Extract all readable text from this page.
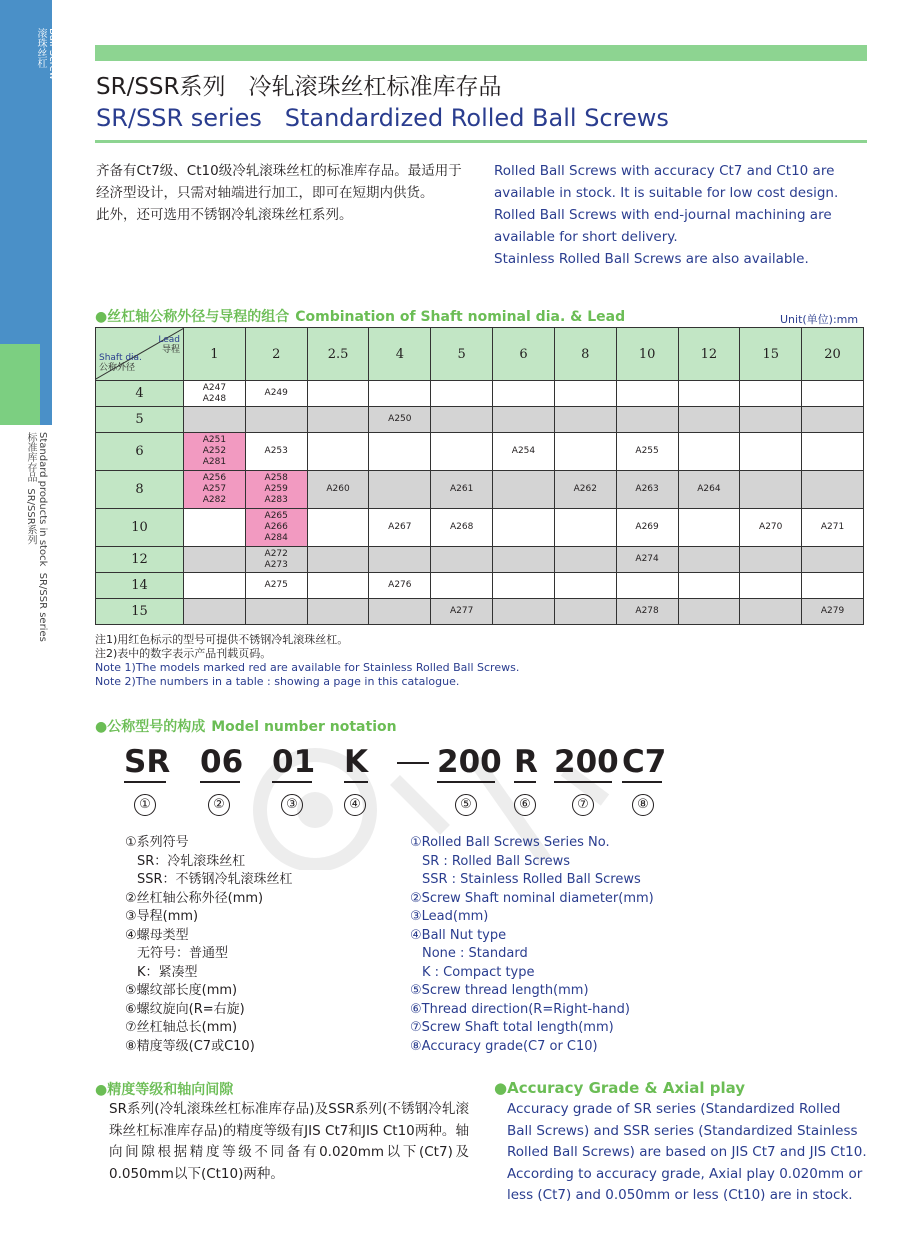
Ball Screw
滚珠丝杠
Standard products in stock  SR/SSR series
标准库存品  SR/SSR系列
SR/SSR系列　冷轧滚珠丝杠标准库存品
SR/SSR series   Standardized Rolled Ball Screws

齐备有Ct7级、Ct10级冷轧滚珠丝杠的标准库存品。最适用于经济型设计，只需对轴端进行加工，即可在短期内供货。

此外，还可选用不锈钢冷轧滚珠丝杠系列。

Rolled Ball Screws with accuracy Ct7 and Ct10 are available in stock. It is suitable for low cost design.

Rolled Ball Screws with end-journal machining are available for short delivery.

Stainless Rolled Ball Screws are also available.

●丝杠轴公称外径与导程的组合 Combination of Shaft nominal dia. & Lead	Unit(单位):mm
Lead
导程
Shaft dia.
公称外径	1	2	2.5	4	5	6	8	10	12	15	20
4	A247
A248	A249									

5				A250							

6	A251
A252
A281	A253				A254		A255			

8	A256
A257
A282	A258
A259
A283	A260		A261		A262	A263	A264		

10		A265
A266
A284		A267	A268			A269		A270	A271

12		A272
A273						A274			

14		A275		A276							

15					A277			A278			A279
注1)用红色标示的型号可提供不锈钢冷轧滚珠丝杠。
注2)表中的数字表示产品刊载页码。
Note 1)The models marked red are available for Stainless Rolled Ball Screws.
Note 2)The numbers in a table : showing a page in this catalogue.
●公称型号的构成 Model number notation
SR 06 01 K 200 R 200 C7
①	②	③	④	⑤	⑥	⑦	⑧
①系列符号
SR：冷轧滚珠丝杠
SSR：不锈钢冷轧滚珠丝杠
②丝杠轴公称外径(mm)
③导程(mm)
④螺母类型
无符号：普通型
K：紧凑型
⑤螺纹部长度(mm)
⑥螺纹旋向(R=右旋)
⑦丝杠轴总长(mm)
⑧精度等级(C7或C10)
①Rolled Ball Screws Series No.
SR : Rolled Ball Screws
SSR : Stainless Rolled Ball Screws
②Screw Shaft nominal diameter(mm)
③Lead(mm)
④Ball Nut type
None : Standard
K : Compact type
⑤Screw thread length(mm)
⑥Thread direction(R=Right-hand)
⑦Screw Shaft total length(mm)
⑧Accuracy grade(C7 or C10)
●精度等级和轴向间隙	●Accuracy Grade & Axial play
SR系列(冷轧滚珠丝杠标准库存品)及SSR系列(不锈钢冷轧滚珠丝杠标准库存品)的精度等级有JIS Ct7和JIS Ct10两种。轴向间隙根据精度等级不同备有0.020mm以下(Ct7)及0.050mm以下(Ct10)两种。
Accuracy grade of SR series (Standardized Rolled Ball Screws) and SSR series (Standardized Stainless Rolled Ball Screws) are based on JIS Ct7 and JIS Ct10. According to accuracy grade, Axial play 0.020mm or less (Ct7) and 0.050mm or less (Ct10) are in stock.
